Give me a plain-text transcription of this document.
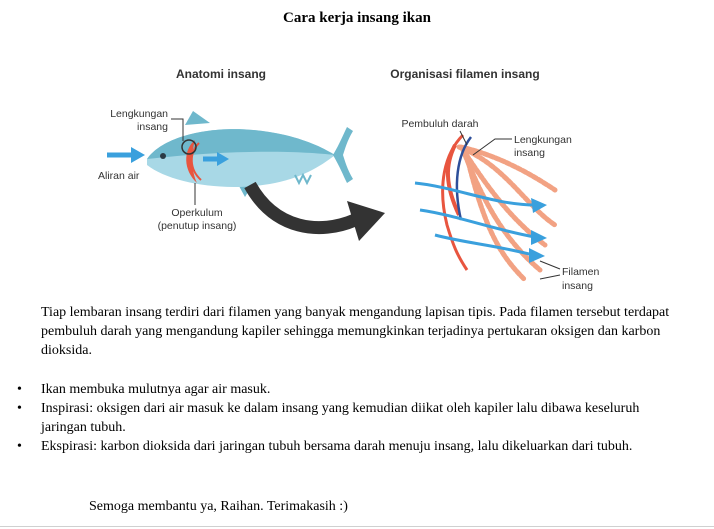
Cara kerja insang ikan
Anatomi insang	Organisasi filamen insang
Lengkungan
insang
Aliran air
Operkulum
(penutup insang)
Pembuluh darah
Lengkungan
insang
Filamen
insang
Tiap lembaran insang terdiri dari filamen yang banyak mengandung lapisan tipis. Pada filamen tersebut terdapat pembuluh darah yang mengandung kapiler sehingga memungkinkan terjadinya pertukaran oksigen dan karbon dioksida.
• Ikan membuka mulutnya agar air masuk.
• Inspirasi: oksigen dari air masuk ke dalam insang yang kemudian diikat oleh kapiler lalu dibawa keseluruh jaringan tubuh.
• Ekspirasi: karbon dioksida dari jaringan tubuh bersama darah menuju insang, lalu dikeluarkan dari tubuh.
Semoga membantu ya, Raihan. Terimakasih :)
